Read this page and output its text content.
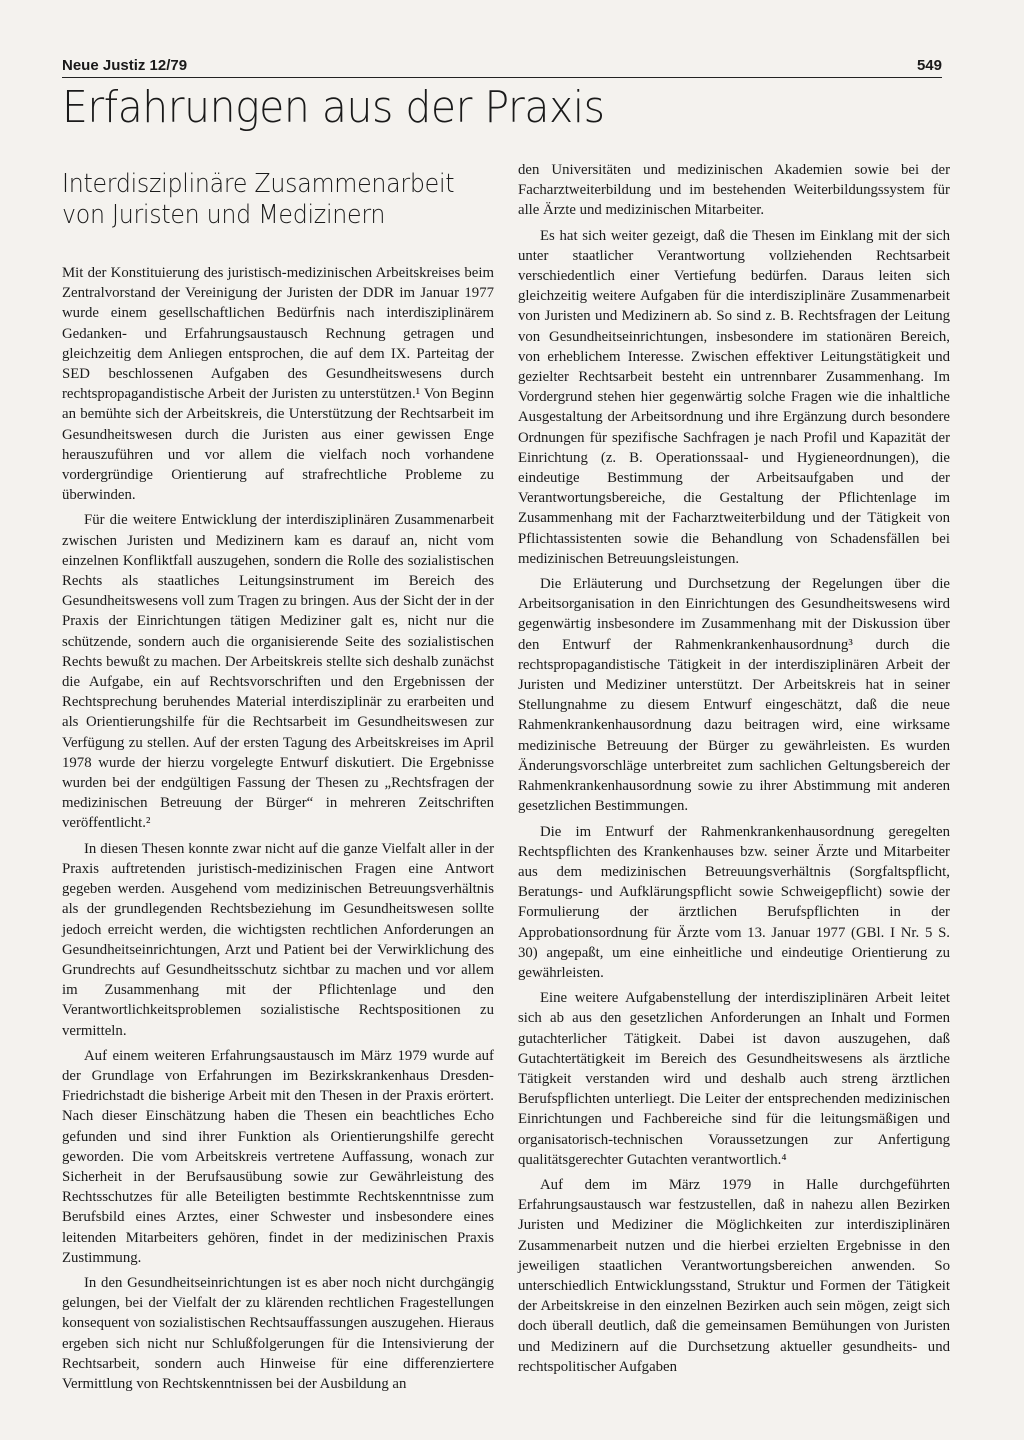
Neue Justiz 12/79	549
Erfahrungen aus der Praxis
Interdisziplinäre Zusammenarbeit
von Juristen und Medizinern

Mit der Konstituierung des juristisch-medizinischen Arbeitskreises beim Zentralvorstand der Vereinigung der Juristen der DDR im Januar 1977 wurde einem gesellschaftlichen Bedürfnis nach interdisziplinärem Gedanken- und Erfahrungsaustausch Rechnung getragen und gleichzeitig dem Anliegen entsprochen, die auf dem IX. Parteitag der SED beschlossenen Aufgaben des Gesundheitswesens durch rechtspropagandistische Arbeit der Juristen zu unterstützen.¹ Von Beginn an bemühte sich der Arbeitskreis, die Unterstützung der Rechtsarbeit im Gesundheitswesen durch die Juristen aus einer gewissen Enge herauszuführen und vor allem die vielfach noch vorhandene vordergründige Orientierung auf strafrechtliche Probleme zu überwinden.

Für die weitere Entwicklung der interdisziplinären Zusammenarbeit zwischen Juristen und Medizinern kam es darauf an, nicht vom einzelnen Konfliktfall auszugehen, sondern die Rolle des sozialistischen Rechts als staatliches Leitungsinstrument im Bereich des Gesundheitswesens voll zum Tragen zu bringen. Aus der Sicht der in der Praxis der Einrichtungen tätigen Mediziner galt es, nicht nur die schützende, sondern auch die organisierende Seite des sozialistischen Rechts bewußt zu machen. Der Arbeitskreis stellte sich deshalb zunächst die Aufgabe, ein auf Rechtsvorschriften und den Ergebnissen der Rechtsprechung beruhendes Material interdisziplinär zu erarbeiten und als Orientierungshilfe für die Rechtsarbeit im Gesundheitswesen zur Verfügung zu stellen. Auf der ersten Tagung des Arbeitskreises im April 1978 wurde der hierzu vorgelegte Entwurf diskutiert. Die Ergebnisse wurden bei der endgültigen Fassung der Thesen zu „Rechtsfragen der medizinischen Betreuung der Bürger“ in mehreren Zeitschriften veröffentlicht.²

In diesen Thesen konnte zwar nicht auf die ganze Vielfalt aller in der Praxis auftretenden juristisch-medizinischen Fragen eine Antwort gegeben werden. Ausgehend vom medizinischen Betreuungsverhältnis als der grundlegenden Rechtsbeziehung im Gesundheitswesen sollte jedoch erreicht werden, die wichtigsten rechtlichen Anforderungen an Gesundheitseinrichtungen, Arzt und Patient bei der Verwirklichung des Grundrechts auf Gesundheitsschutz sichtbar zu machen und vor allem im Zusammenhang mit der Pflichtenlage und den Verantwortlichkeitsproblemen sozialistische Rechtspositionen zu vermitteln.

Auf einem weiteren Erfahrungsaustausch im März 1979 wurde auf der Grundlage von Erfahrungen im Bezirkskrankenhaus Dresden-Friedrichstadt die bisherige Arbeit mit den Thesen in der Praxis erörtert. Nach dieser Einschätzung haben die Thesen ein beachtliches Echo gefunden und sind ihrer Funktion als Orientierungshilfe gerecht geworden. Die vom Arbeitskreis vertretene Auffassung, wonach zur Sicherheit in der Berufsausübung sowie zur Gewährleistung des Rechtsschutzes für alle Beteiligten bestimmte Rechtskenntnisse zum Berufsbild eines Arztes, einer Schwester und insbesondere eines leitenden Mitarbeiters gehören, findet in der medizinischen Praxis Zustimmung.

In den Gesundheitseinrichtungen ist es aber noch nicht durchgängig gelungen, bei der Vielfalt der zu klärenden rechtlichen Fragestellungen konsequent von sozialistischen Rechtsauffassungen auszugehen. Hieraus ergeben sich nicht nur Schlußfolgerungen für die Intensivierung der Rechtsarbeit, sondern auch Hinweise für eine differenziertere Vermittlung von Rechtskenntnissen bei der Ausbildung an

den Universitäten und medizinischen Akademien sowie bei der Facharztweiterbildung und im bestehenden Weiterbildungssystem für alle Ärzte und medizinischen Mitarbeiter.

Es hat sich weiter gezeigt, daß die Thesen im Einklang mit der sich unter staatlicher Verantwortung vollziehenden Rechtsarbeit verschiedentlich einer Vertiefung bedürfen. Daraus leiten sich gleichzeitig weitere Aufgaben für die interdisziplinäre Zusammenarbeit von Juristen und Medizinern ab. So sind z. B. Rechtsfragen der Leitung von Gesundheitseinrichtungen, insbesondere im stationären Bereich, von erheblichem Interesse. Zwischen effektiver Leitungstätigkeit und gezielter Rechtsarbeit besteht ein untrennbarer Zusammenhang. Im Vordergrund stehen hier gegenwärtig solche Fragen wie die inhaltliche Ausgestaltung der Arbeitsordnung und ihre Ergänzung durch besondere Ordnungen für spezifische Sachfragen je nach Profil und Kapazität der Einrichtung (z. B. Operationssaal- und Hygieneordnungen), die eindeutige Bestimmung der Arbeitsaufgaben und der Verantwortungsbereiche, die Gestaltung der Pflichtenlage im Zusammenhang mit der Facharztweiterbildung und der Tätigkeit von Pflichtassistenten sowie die Behandlung von Schadensfällen bei medizinischen Betreuungsleistungen.

Die Erläuterung und Durchsetzung der Regelungen über die Arbeitsorganisation in den Einrichtungen des Gesundheitswesens wird gegenwärtig insbesondere im Zusammenhang mit der Diskussion über den Entwurf der Rahmenkrankenhausordnung³ durch die rechtspropagandistische Tätigkeit in der interdisziplinären Arbeit der Juristen und Mediziner unterstützt. Der Arbeitskreis hat in seiner Stellungnahme zu diesem Entwurf eingeschätzt, daß die neue Rahmenkrankenhausordnung dazu beitragen wird, eine wirksame medizinische Betreuung der Bürger zu gewährleisten. Es wurden Änderungsvorschläge unterbreitet zum sachlichen Geltungsbereich der Rahmenkrankenhausordnung sowie zu ihrer Abstimmung mit anderen gesetzlichen Bestimmungen.

Die im Entwurf der Rahmenkrankenhausordnung geregelten Rechtspflichten des Krankenhauses bzw. seiner Ärzte und Mitarbeiter aus dem medizinischen Betreuungsverhältnis (Sorgfaltspflicht, Beratungs- und Aufklärungspflicht sowie Schweigepflicht) sowie der Formulierung der ärztlichen Berufspflichten in der Approbationsordnung für Ärzte vom 13. Januar 1977 (GBl. I Nr. 5 S. 30) angepaßt, um eine einheitliche und eindeutige Orientierung zu gewährleisten.

Eine weitere Aufgabenstellung der interdisziplinären Arbeit leitet sich ab aus den gesetzlichen Anforderungen an Inhalt und Formen gutachterlicher Tätigkeit. Dabei ist davon auszugehen, daß Gutachtertätigkeit im Bereich des Gesundheitswesens als ärztliche Tätigkeit verstanden wird und deshalb auch streng ärztlichen Berufspflichten unterliegt. Die Leiter der entsprechenden medizinischen Einrichtungen und Fachbereiche sind für die leitungsmäßigen und organisatorisch-technischen Voraussetzungen zur Anfertigung qualitätsgerechter Gutachten verantwortlich.⁴

Auf dem im März 1979 in Halle durchgeführten Erfahrungsaustausch war festzustellen, daß in nahezu allen Bezirken Juristen und Mediziner die Möglichkeiten zur interdisziplinären Zusammenarbeit nutzen und die hierbei erzielten Ergebnisse in den jeweiligen staatlichen Verantwortungsbereichen anwenden. So unterschiedlich Entwicklungsstand, Struktur und Formen der Tätigkeit der Arbeitskreise in den einzelnen Bezirken auch sein mögen, zeigt sich doch überall deutlich, daß die gemeinsamen Bemühungen von Juristen und Medizinern auf die Durchsetzung aktueller gesundheits- und rechtspolitischer Aufgaben
